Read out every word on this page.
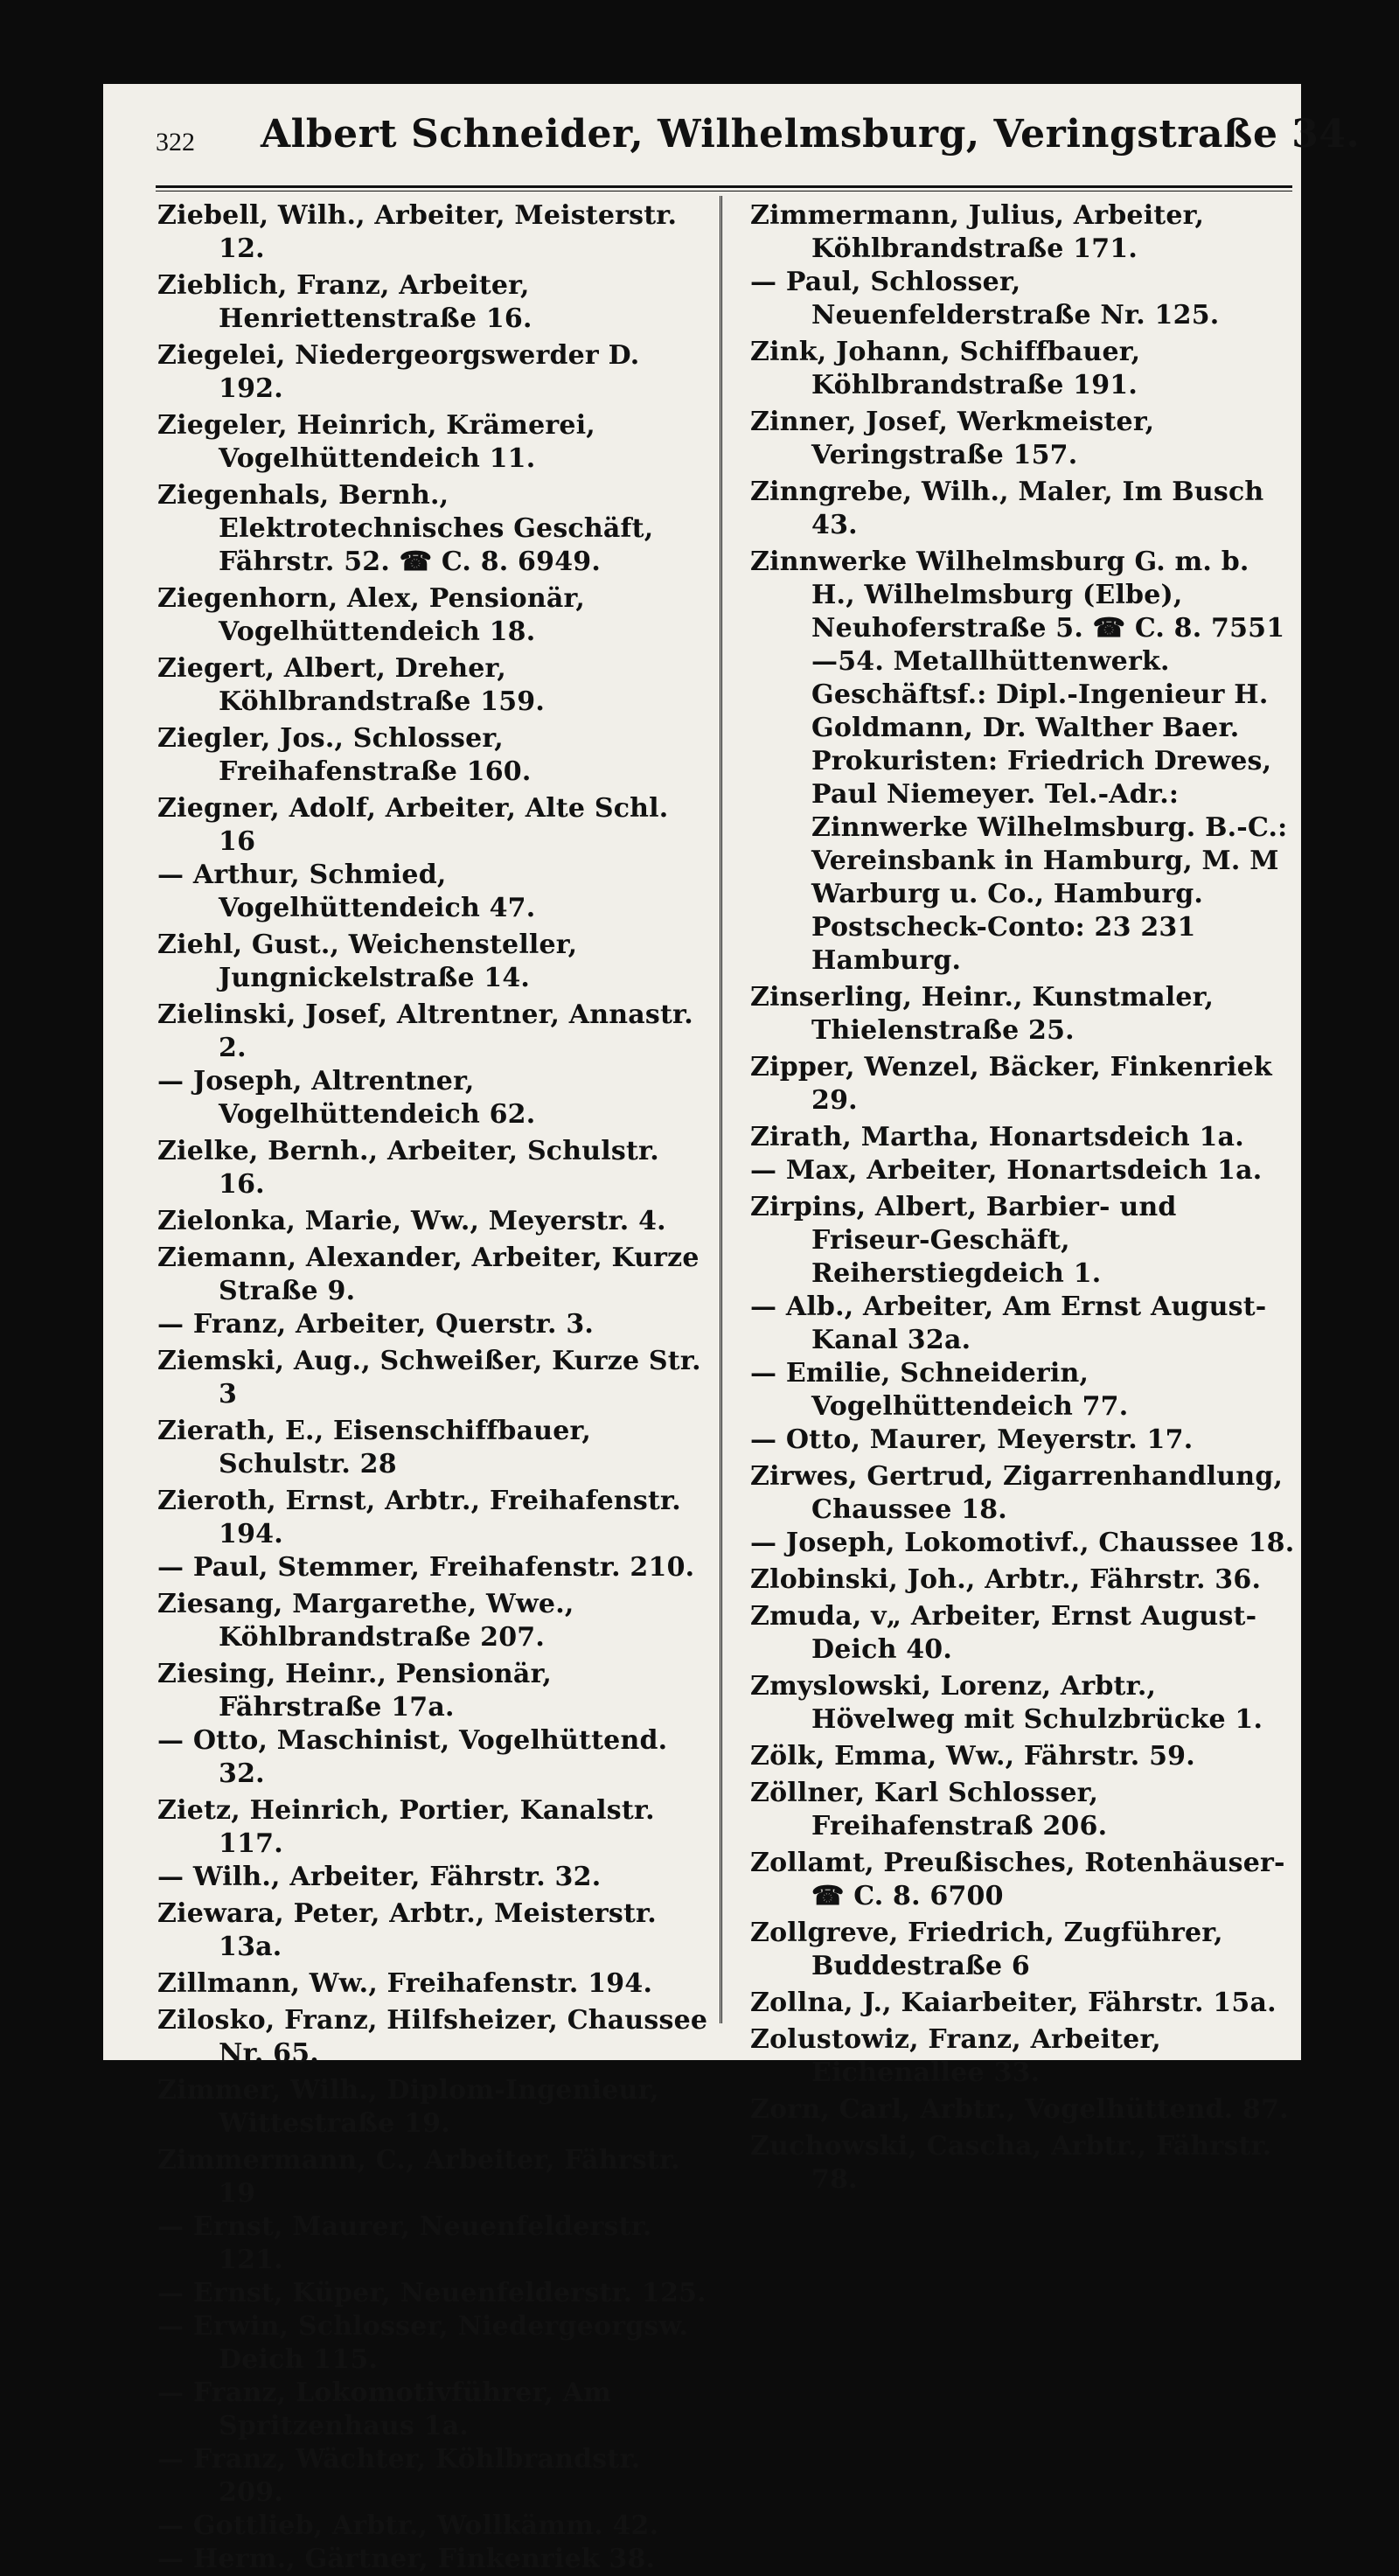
322 Albert Schneider, Wilhelmsburg, Veringstraße 34.

Ziebell, Wilh., Arbeiter, Meisterstr. 12.

Zieblich, Franz, Arbeiter, Henriettenstraße 16.

Ziegelei, Niedergeorgswerder D. 192.

Ziegeler, Heinrich, Krämerei, Vogelhüttendeich 11.

Ziegenhals, Bernh., Elektrotechnisches Geschäft, Fährstr. 52. ☎ C. 8. 6949.

Ziegenhorn, Alex, Pensionär, Vogelhüttendeich 18.

Ziegert, Albert, Dreher, Köhlbrandstraße 159.

Ziegler, Jos., Schlosser, Freihafenstraße 160.

Ziegner, Adolf, Arbeiter, Alte Schl. 16

— Arthur, Schmied, Vogelhüttendeich 47.

Ziehl, Gust., Weichensteller, Jungnickelstraße 14.

Zielinski, Josef, Altrentner, Annastr. 2.

— Joseph, Altrentner, Vogelhüttendeich 62.

Zielke, Bernh., Arbeiter, Schulstr. 16.

Zielonka, Marie, Ww., Meyerstr. 4.

Ziemann, Alexander, Arbeiter, Kurze Straße 9.

— Franz, Arbeiter, Querstr. 3.

Ziemski, Aug., Schweißer, Kurze Str. 3

Zierath, E., Eisenschiffbauer, Schulstr. 28

Zieroth, Ernst, Arbtr., Freihafenstr. 194.

— Paul, Stemmer, Freihafenstr. 210.

Ziesang, Margarethe, Wwe., Köhlbrandstraße 207.

Ziesing, Heinr., Pensionär, Fährstraße 17a.

— Otto, Maschinist, Vogelhüttend. 32.

Zietz, Heinrich, Portier, Kanalstr. 117.

— Wilh., Arbeiter, Fährstr. 32.

Ziewara, Peter, Arbtr., Meisterstr. 13a.

Zillmann, Ww., Freihafenstr. 194.

Zilosko, Franz, Hilfsheizer, Chaussee Nr. 65.

Zimmer, Wilh., Diplom-Ingenieur, Wittestraße 19.

Zimmermann, C., Arbeiter, Fährstr. 19

— Ernst, Maurer, Neuenfelderstr. 121.

— Ernst, Küper, Neuenfelderstr. 125.

— Erwin, Schlosser, Niedergeorgsw. Deich 115.

— Franz, Lokomotivführer, Am Spritzenhaus 1a.

— Franz, Wächter, Köhlbrandstr. 209.

— Gottlieb, Arbtr., Wollkämm. 42.

— Herm., Gärtner, Finkenriek 38.

Zimmermann, Julius, Arbeiter, Köhlbrandstraße 171.

— Paul, Schlosser, Neuenfelderstraße Nr. 125.

Zink, Johann, Schiffbauer, Köhlbrandstraße 191.

Zinner, Josef, Werkmeister, Veringstraße 157.

Zinngrebe, Wilh., Maler, Im Busch 43.

Zinnwerke Wilhelmsburg G. m. b. H., Wilhelmsburg (Elbe), Neuhoferstraße 5. ☎ C. 8. 7551—54. Metallhüttenwerk. Geschäftsf.: Dipl.-Ingenieur H. Goldmann, Dr. Walther Baer. Prokuristen: Friedrich Drewes, Paul Niemeyer. Tel.-Adr.: Zinnwerke Wilhelmsburg. B.-C.: Vereinsbank in Hamburg, M. M Warburg u. Co., Hamburg. Postscheck-Conto: 23 231 Hamburg.

Zinserling, Heinr., Kunstmaler, Thielenstraße 25.

Zipper, Wenzel, Bäcker, Finkenriek 29.

Zirath, Martha, Honartsdeich 1a.

— Max, Arbeiter, Honartsdeich 1a.

Zirpins, Albert, Barbier- und Friseur-Geschäft, Reiherstiegdeich 1.

— Alb., Arbeiter, Am Ernst August-Kanal 32a.

— Emilie, Schneiderin, Vogelhüttendeich 77.

— Otto, Maurer, Meyerstr. 17.

Zirwes, Gertrud, Zigarrenhandlung, Chaussee 18.

— Joseph, Lokomotivf., Chaussee 18.

Zlobinski, Joh., Arbtr., Fährstr. 36.

Zmuda, v„ Arbeiter, Ernst August-Deich 40.

Zmyslowski, Lorenz, Arbtr., Hövelweg mit Schulzbrücke 1.

Zölk, Emma, Ww., Fährstr. 59.

Zöllner, Karl Schlosser, Freihafenstraß 206.

Zollamt, Preußisches, Rotenhäuser- ☎ C. 8. 6700

Zollgreve, Friedrich, Zugführer, Buddestraße 6

Zollna, J., Kaiarbeiter, Fährstr. 15a.

Zolustowiz, Franz, Arbeiter, Eichenallee 33.

Zorn, Carl, Arbtr., Vogelhüttend. 87.

Zuchowski, Cascha, Arbtr., Fährstr. 78.
